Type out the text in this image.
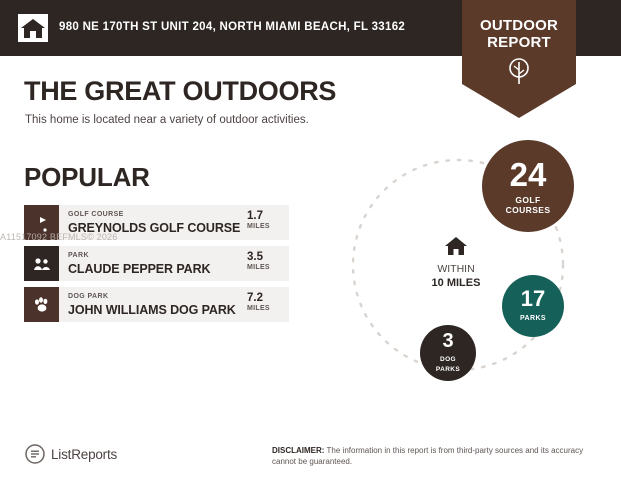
980 NE 170TH ST UNIT 204, NORTH MIAMI BEACH, FL 33162	OUTDOOR
REPORT
THE GREAT OUTDOORS
This home is located near a variety of outdoor activities.
POPULAR
GOLF COURSE
GREYNOLDS GOLF COURSE
1.7
MILES
PARK
CLAUDE PEPPER PARK
3.5
MILES
DOG PARK
JOHN WILLIAMS DOG PARK
7.2
MILES
A11517092 BEFMLS© 2026
WITHIN
10 MILES
24
GOLF
COURSES
17
PARKS
3
DOG
PARKS
ListReports	DISCLAIMER: The information in this report is from third-party sources and its accuracy cannot be guaranteed.
